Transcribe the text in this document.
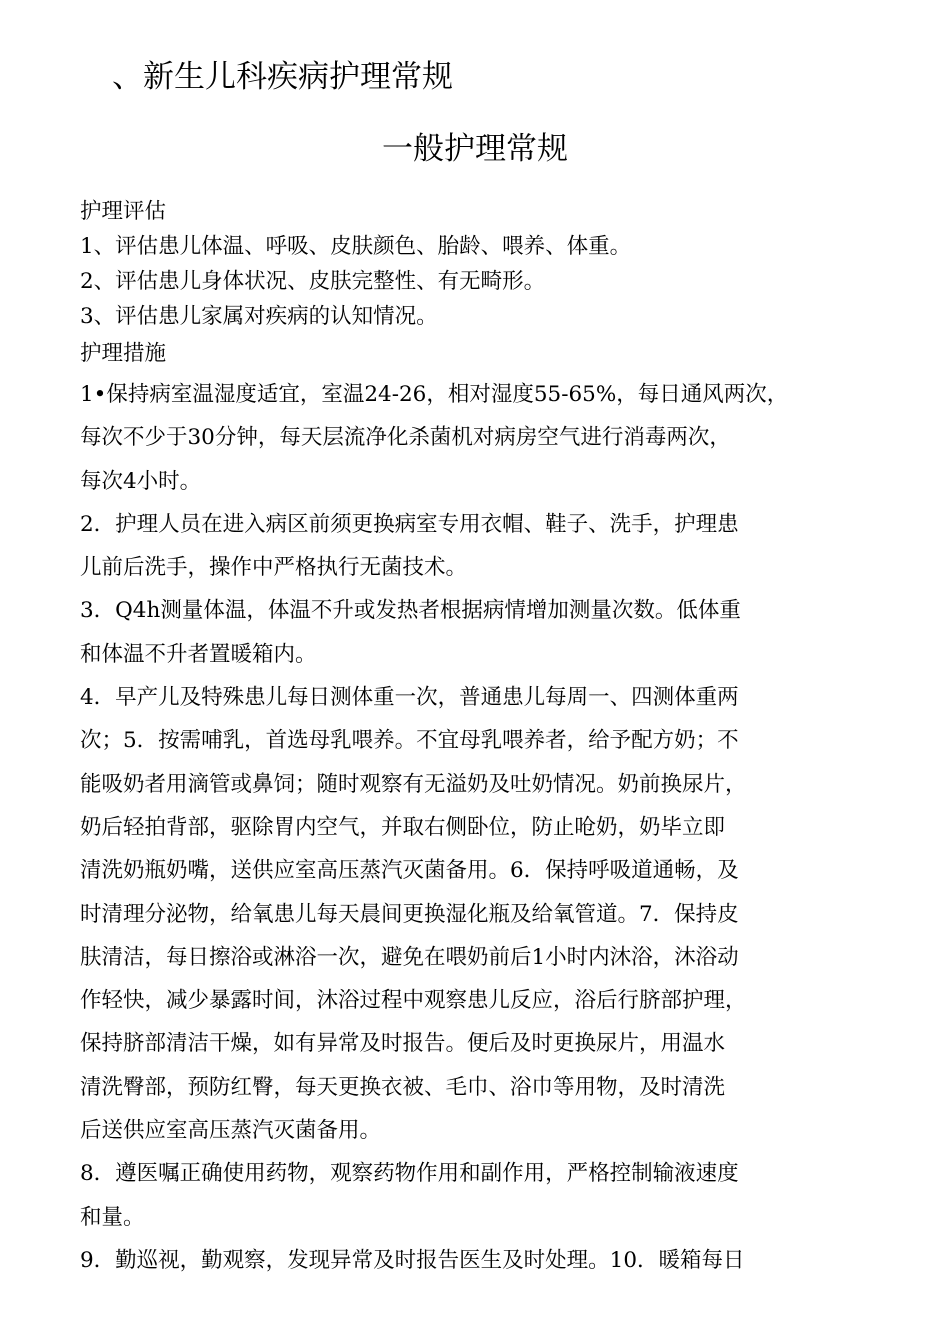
、新生儿科疾病护理常规
一般护理常规

护理评估

1、评估患儿体温、呼吸、皮肤颜色、胎龄、喂养、体重。
2、评估患儿身体状况、皮肤完整性、有无畸形。
3、评估患儿家属对疾病的认知情况。

护理措施

1•保持病室温湿度适宜，室温24-26，相对湿度55-65%，每日通风两次，
每次不少于30分钟，每天层流净化杀菌机对病房空气进行消毒两次，
每次4小时。

2．护理人员在进入病区前须更换病室专用衣帽、鞋子、洗手，护理患
儿前后洗手，操作中严格执行无菌技术。

3．Q4h测量体温，体温不升或发热者根据病情增加测量次数。低体重
和体温不升者置暖箱内。

4．早产儿及特殊患儿每日测体重一次，普通患儿每周一、四测体重两
次；5．按需哺乳，首选母乳喂养。不宜母乳喂养者，给予配方奶；不
能吸奶者用滴管或鼻饲；随时观察有无溢奶及吐奶情况。奶前换尿片，
奶后轻拍背部，驱除胃内空气，并取右侧卧位，防止呛奶，奶毕立即
清洗奶瓶奶嘴，送供应室高压蒸汽灭菌备用。6．保持呼吸道通畅，及
时清理分泌物，给氧患儿每天晨间更换湿化瓶及给氧管道。7．保持皮
肤清洁，每日擦浴或淋浴一次，避免在喂奶前后1小时内沐浴，沐浴动
作轻快，减少暴露时间，沐浴过程中观察患儿反应，浴后行脐部护理，
保持脐部清洁干燥，如有异常及时报告。便后及时更换尿片，用温水
清洗臀部，预防红臀，每天更换衣被、毛巾、浴巾等用物，及时清洗
后送供应室高压蒸汽灭菌备用。

8．遵医嘱正确使用药物，观察药物作用和副作用，严格控制输液速度
和量。

9．勤巡视，勤观察，发现异常及时报告医生及时处理。10．暖箱每日
